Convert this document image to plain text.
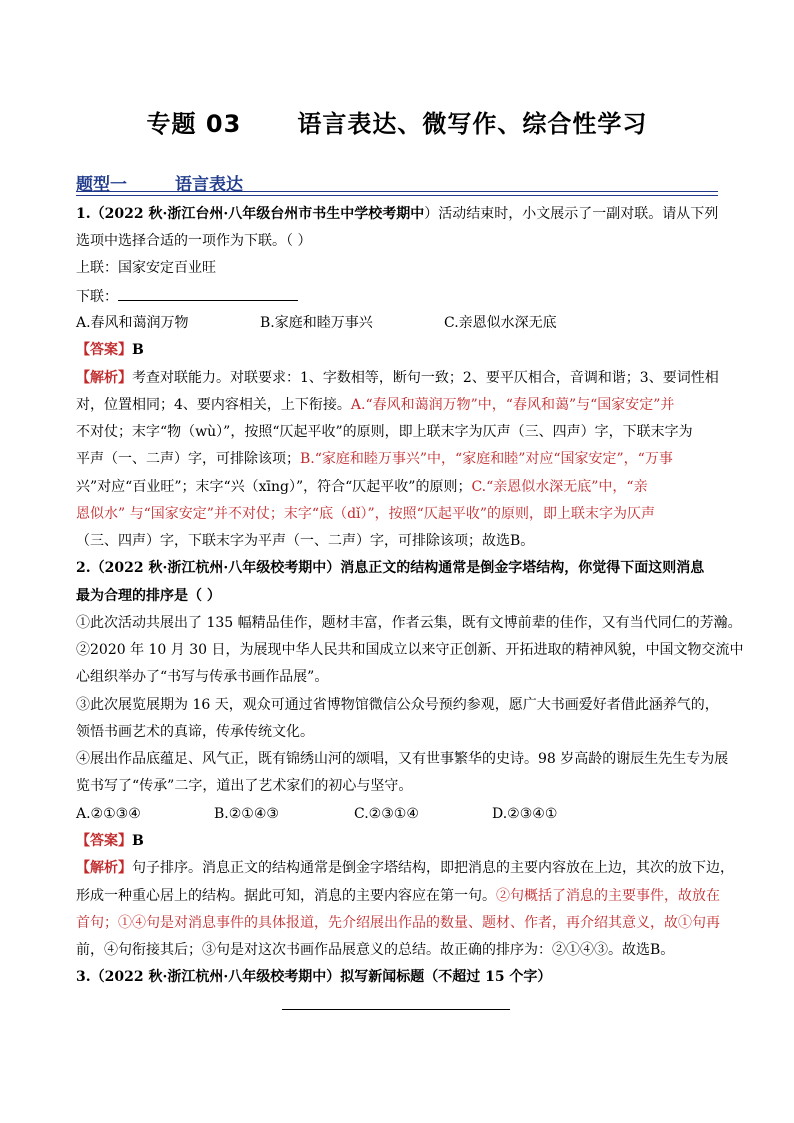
专题 03      语言表达、微写作、综合性学习
题型一	语言表达
1.（2022 秋·浙江台州·八年级台州市书生中学校考期中）活动结束时，小文展示了一副对联。请从下列
选项中选择合适的一项作为下联。（ ）
上联：国家安定百业旺
下联：
A.春风和蔼润万物	B.家庭和睦万事兴	C.亲恩似水深无底
【答案】B
【解析】考查对联能力。对联要求：1、字数相等，断句一致；2、要平仄相合，音调和谐；3、要词性相
对，位置相同；4、要内容相关，上下衔接。A.“春风和蔼润万物”中，“春风和蔼”与“国家安定”并
不对仗；末字“物（wù）”，按照“仄起平收”的原则，即上联末字为仄声（三、四声）字，下联末字为
平声（一、二声）字，可排除该项；B.“家庭和睦万事兴”中，“家庭和睦”对应“国家安定”，“万事
兴”对应“百业旺”；末字“兴（xīng）”，符合“仄起平收”的原则；C.“亲恩似水深无底”中，“亲
恩似水” 与“国家安定”并不对仗；末字“底（dǐ）”，按照“仄起平收”的原则，即上联末字为仄声
（三、四声）字，下联末字为平声（一、二声）字，可排除该项；故选B。
2.（2022 秋·浙江杭州·八年级校考期中）消息正文的结构通常是倒金字塔结构，你觉得下面这则消息
最为合理的排序是（ ）
①此次活动共展出了 135 幅精品佳作，题材丰富，作者云集，既有文博前辈的佳作，又有当代同仁的芳瀚。
②2020 年 10 月 30 日，为展现中华人民共和国成立以来守正创新、开拓进取的精神风貌，中国文物交流中
心组织举办了“书写与传承书画作品展”。
③此次展览展期为 16 天，观众可通过省博物馆微信公众号预约参观，愿广大书画爱好者借此涵养气的，
领悟书画艺术的真谛，传承传统文化。
④展出作品底蕴足、风气正，既有锦绣山河的颂唱，又有世事繁华的史诗。98 岁高龄的谢辰生先生专为展
览书写了“传承”二字，道出了艺术家们的初心与坚守。
A.②①③④	B.②①④③	C.②③①④	D.②③④①
【答案】B
【解析】句子排序。消息正文的结构通常是倒金字塔结构，即把消息的主要内容放在上边，其次的放下边，
形成一种重心居上的结构。据此可知，消息的主要内容应在第一句。②句概括了消息的主要事件，故放在
首句；①④句是对消息事件的具体报道，先介绍展出作品的数量、题材、作者，再介绍其意义，故①句再
前，④句衔接其后；③句是对这次书画作品展意义的总结。故正确的排序为：②①④③。故选B。
3.（2022 秋·浙江杭州·八年级校考期中）拟写新闻标题（不超过 15 个字）
